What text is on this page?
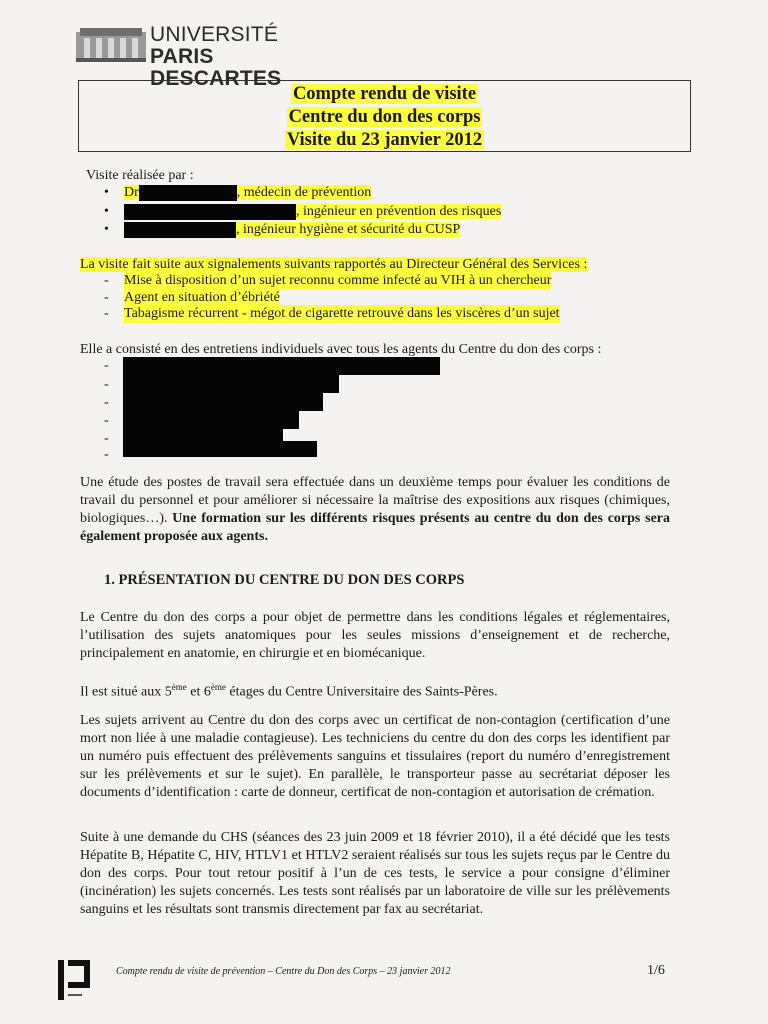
UNIVERSITÉ
PARIS DESCARTES
Compte rendu de visite
Centre du don des corps
Visite du 23 janvier 2012
Visite réalisée par :
• Dr	, médecin de prévention
•	, ingénieur en prévention des risques
•	, ingénieur hygiène et sécurité du CUSP
La visite fait suite aux signalements suivants rapportés au Directeur Général des Services :
- Mise à disposition d’un sujet reconnu comme infecté au VIH à un chercheur
- Agent en situation d’ébriété
- Tabagisme récurrent - mégot de cigarette retrouvé dans les viscères d’un sujet
Elle a consisté en des entretiens individuels avec tous les agents du Centre du don des corps :
-
-
-
-
-
-
Une étude des postes de travail sera effectuée dans un deuxième temps pour évaluer les conditions de travail du personnel et pour améliorer si nécessaire la maîtrise des expositions aux risques (chimiques, biologiques…). Une formation sur les différents risques présents au centre du don des corps sera également proposée aux agents.
1. PRÉSENTATION DU CENTRE DU DON DES CORPS
Le Centre du don des corps a pour objet de permettre dans les conditions légales et réglementaires, l’utilisation des sujets anatomiques pour les seules missions d’enseignement et de recherche, principalement en anatomie, en chirurgie et en biomécanique.
Il est situé aux 5ème et 6ème étages du Centre Universitaire des Saints-Pères.
Les sujets arrivent au Centre du don des corps avec un certificat de non-contagion (certification d’une mort non liée à une maladie contagieuse). Les techniciens du centre du don des corps les identifient par un numéro puis effectuent des prélèvements sanguins et tissulaires (report du numéro d’enregistrement sur les prélèvements et sur le sujet). En parallèle, le transporteur passe au secrétariat déposer les documents d’identification : carte de donneur, certificat de non-contagion et autorisation de crémation.
Suite à une demande du CHS (séances des 23 juin 2009 et 18 février 2010), il a été décidé que les tests Hépatite B, Hépatite C, HIV, HTLV1 et HTLV2 seraient réalisés sur tous les sujets reçus par le Centre du don des corps. Pour tout retour positif à l’un de ces tests, le service a pour consigne d’éliminer (incinération) les sujets concernés. Les tests sont réalisés par un laboratoire de ville sur les prélèvements sanguins et les résultats sont transmis directement par fax au secrétariat.
Compte rendu de visite de prévention – Centre du Don des Corps – 23 janvier 2012	1/6
